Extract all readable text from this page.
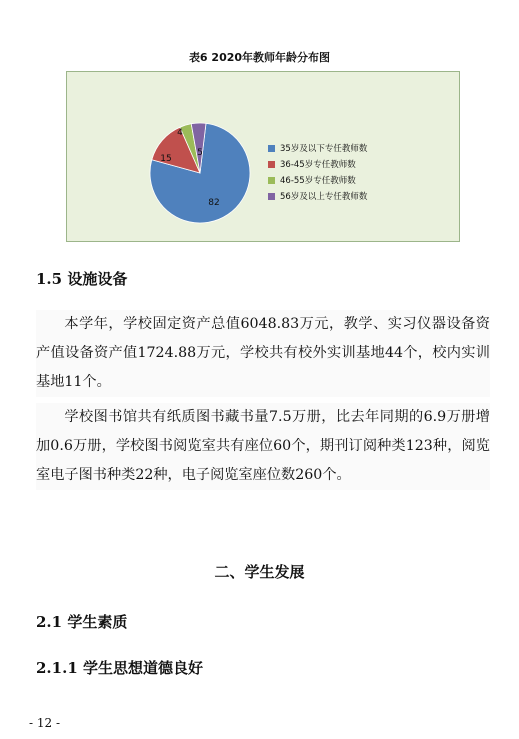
表6 2020年教师年龄分布图
82
15
4
5	35岁及以下专任教师数
36-45岁专任教师数
46-55岁专任教师数
56岁及以上专任教师数
1.5 设施设备
本学年，学校固定资产总值6048.83万元，教学、实习仪器设备资产值设备资产值1724.88万元，学校共有校外实训基地44个，校内实训基地11个。
学校图书馆共有纸质图书藏书量7.5万册，比去年同期的6.9万册增加0.6万册，学校图书阅览室共有座位60个，期刊订阅种类123种，阅览室电子图书种类22种，电子阅览室座位数260个。
二、学生发展
2.1 学生素质
2.1.1 学生思想道德良好
- 12 -
